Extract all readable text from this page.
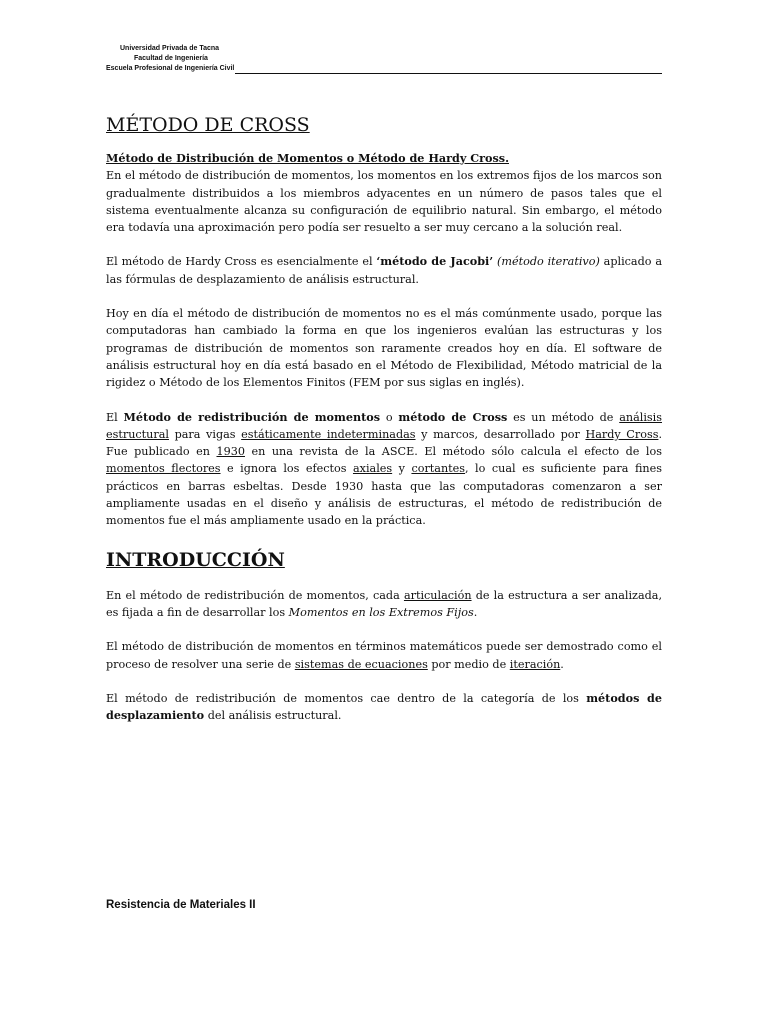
Universidad Privada de Tacna
Facultad de Ingeniería
Escuela Profesional de Ingeniería Civil
MÉTODO DE CROSS

Método de Distribución de Momentos o Método de Hardy Cross.
En el método de distribución de momentos, los momentos en los extremos fijos de los marcos son gradualmente distribuidos a los miembros adyacentes en un número de pasos tales que el sistema eventualmente alcanza su configuración de equilibrio natural. Sin embargo, el método era todavía una aproximación pero podía ser resuelto a ser muy cercano a la solución real.

El método de Hardy Cross es esencialmente el ‘método de Jacobi’ (método iterativo) aplicado a las fórmulas de desplazamiento de análisis estructural.

Hoy en día el método de distribución de momentos no es el más comúnmente usado, porque las computadoras han cambiado la forma en que los ingenieros evalúan las estructuras y los programas de distribución de momentos son raramente creados hoy en día. El software de análisis estructural hoy en día está basado en el Método de Flexibilidad, Método matricial de la rigidez o Método de los Elementos Finitos (FEM por sus siglas en inglés).

El Método de redistribución de momentos o método de Cross es un método de análisis estructural para vigas estáticamente indeterminadas y marcos, desarrollado por Hardy Cross. Fue publicado en 1930 en una revista de la ASCE. El método sólo calcula el efecto de los momentos flectores e ignora los efectos axiales y cortantes, lo cual es suficiente para fines prácticos en barras esbeltas. Desde 1930 hasta que las computadoras comenzaron a ser ampliamente usadas en el diseño y análisis de estructuras, el método de redistribución de momentos fue el más ampliamente usado en la práctica.

INTRODUCCIÓN

En el método de redistribución de momentos, cada articulación de la estructura a ser analizada, es fijada a fin de desarrollar los Momentos en los Extremos Fijos.

El método de distribución de momentos en términos matemáticos puede ser demostrado como el proceso de resolver una serie de sistemas de ecuaciones por medio de iteración.

El método de redistribución de momentos cae dentro de la categoría de los métodos de desplazamiento del análisis estructural.

Resistencia de Materiales II
